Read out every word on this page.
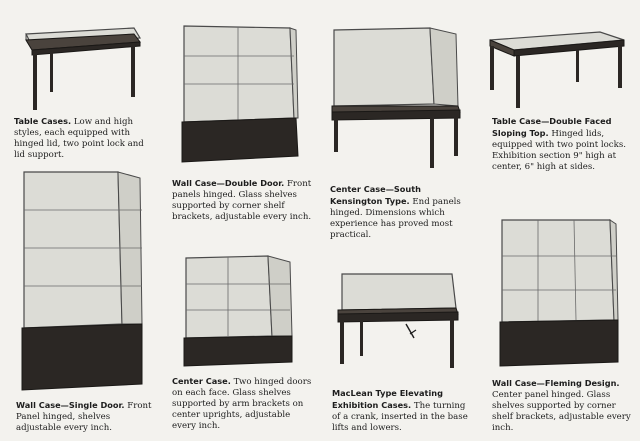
Table Cases. Low and high styles, each equipped with hinged lid, two point lock and lid support.

Wall Case—Double Door. Front panels hinged. Glass shelves supported by corner shelf brackets, adjustable every inch.

Center Case—South Kensington Type. End panels hinged. Dimensions which experience has proved most practical.

Table Case—Double Faced Sloping Top. Hinged lids, equipped with two point locks. Exhibition section 9" high at center, 6" high at sides.

Wall Case—Single Door. Front Panel hinged, shelves adjustable every inch.

Center Case. Two hinged doors on each face. Glass shelves supported by arm brackets on center uprights, adjustable every inch.

MacLean Type Elevating Exhibition Cases. The turning of a crank, inserted in the base lifts and lowers.

Wall Case—Fleming Design. Center panel hinged. Glass shelves supported by corner shelf brackets, adjustable every inch.
